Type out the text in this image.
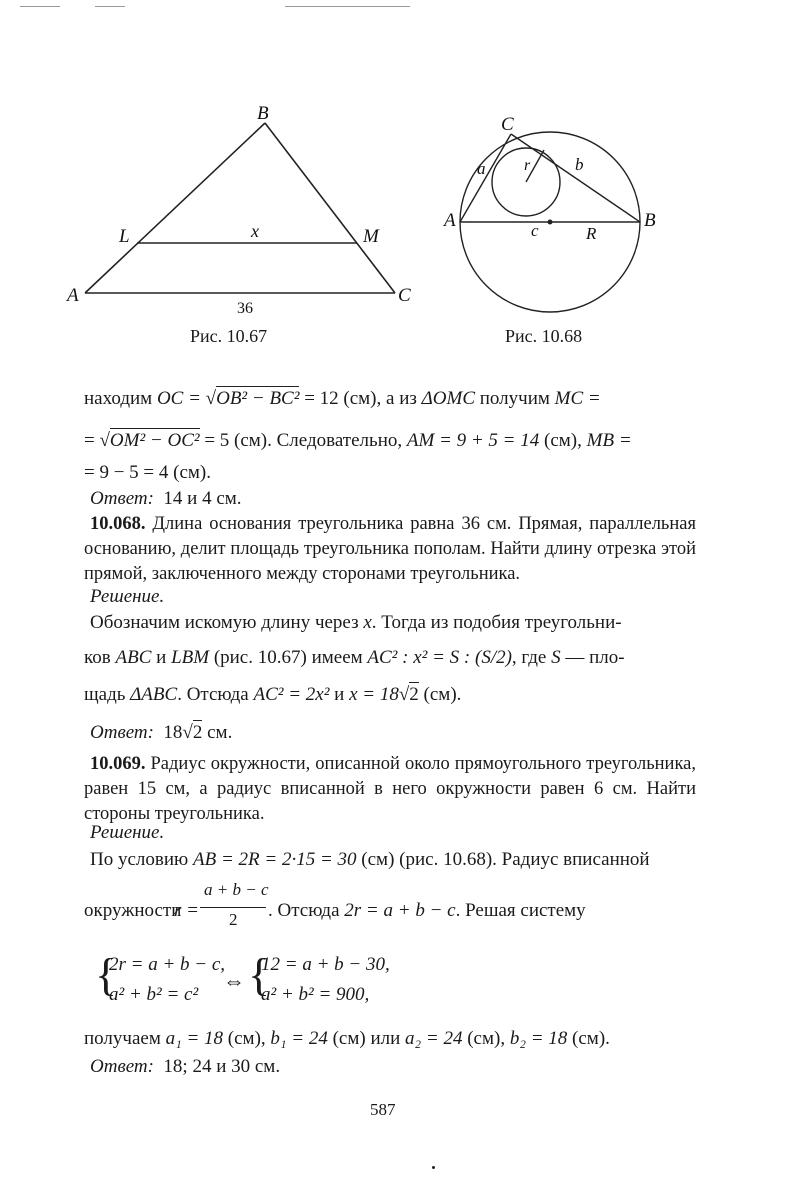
B
L	x	M
A	C
36
Рис. 10.67
C
a r	b
A	B
c	R
Рис. 10.68
находим OC = √OB² − BC² = 12 (см), а из ΔOMC получим MC =
= √OM² − OC² = 5 (см). Следовательно, AM = 9 + 5 = 14 (см), MB =
= 9 − 5 = 4 (см).
Ответ: 14 и 4 см.
10.068. Длина основания треугольника равна 36 см. Прямая, параллельная основанию, делит площадь треугольника пополам. Найти длину отрезка этой прямой, заключенного между сторонами треугольника.
Решение.
Обозначим искомую длину через x. Тогда из подобия треугольни-
ков ABC и LBM (рис. 10.67) имеем AC² : x² = S : (S/2), где S — пло-
щадь ΔABC. Отсюда AC² = 2x² и x = 18√2 (см).
Ответ: 18√2 см.
10.069. Радиус окружности, описанной около прямоугольного треугольника, равен 15 см, а радиус вписанной в него окружности равен 6 см. Найти стороны треугольника.
Решение.
По условию AB = 2R = 2·15 = 30 (см) (рис. 10.68). Радиус вписанной
окружности
r =
a + b − c
2 . Отсюда 2r = a + b − c. Решая систему
{
2r = a + b − c,
a² + b² = c²
⇔ {
12 = a + b − 30,
a² + b² = 900,
получаем a₁ = 18 (см), b₁ = 24 (см) или a₂ = 24 (см), b₂ = 18 (см).
Ответ: 18; 24 и 30 см.
587
